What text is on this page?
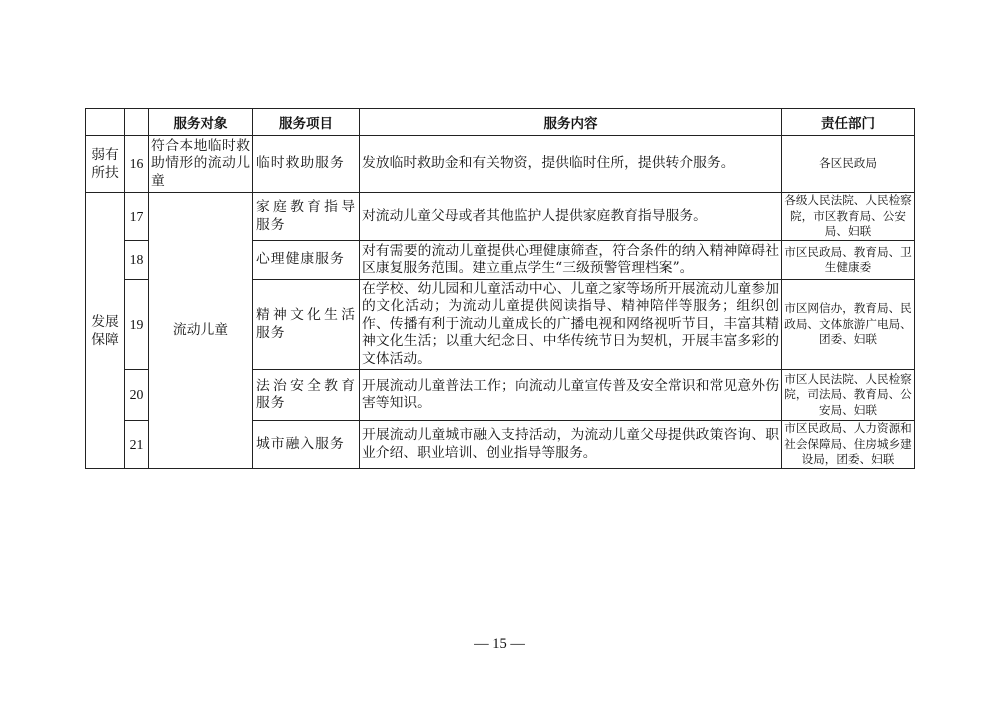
		服务对象	服务项目	服务内容	责任部门
弱有所扶	16	符合本地临时救助情形的流动儿童	临时救助服务	发放临时救助金和有关物资，提供临时住所，提供转介服务。	各区民政局
发展保障	17	流动儿童	家庭教育指导服务	对流动儿童父母或者其他监护人提供家庭教育指导服务。	各级人民法院、人民检察院，市区教育局、公安局、妇联
	18		心理健康服务	对有需要的流动儿童提供心理健康筛查，符合条件的纳入精神障碍社区康复服务范围。建立重点学生“三级预警管理档案”。	市区民政局、教育局、卫生健康委
	19		精神文化生活服务	在学校、幼儿园和儿童活动中心、儿童之家等场所开展流动儿童参加的文化活动；为流动儿童提供阅读指导、精神陪伴等服务；组织创作、传播有利于流动儿童成长的广播电视和网络视听节目，丰富其精神文化生活；以重大纪念日、中华传统节日为契机，开展丰富多彩的文体活动。	市区网信办，教育局、民政局、文体旅游广电局、团委、妇联
	20		法治安全教育服务	开展流动儿童普法工作；向流动儿童宣传普及安全常识和常见意外伤害等知识。	市区人民法院、人民检察院，司法局、教育局、公安局、妇联
	21		城市融入服务	开展流动儿童城市融入支持活动，为流动儿童父母提供政策咨询、职业介绍、职业培训、创业指导等服务。	市区民政局、人力资源和社会保障局、住房城乡建设局，团委、妇联
— 15 —
